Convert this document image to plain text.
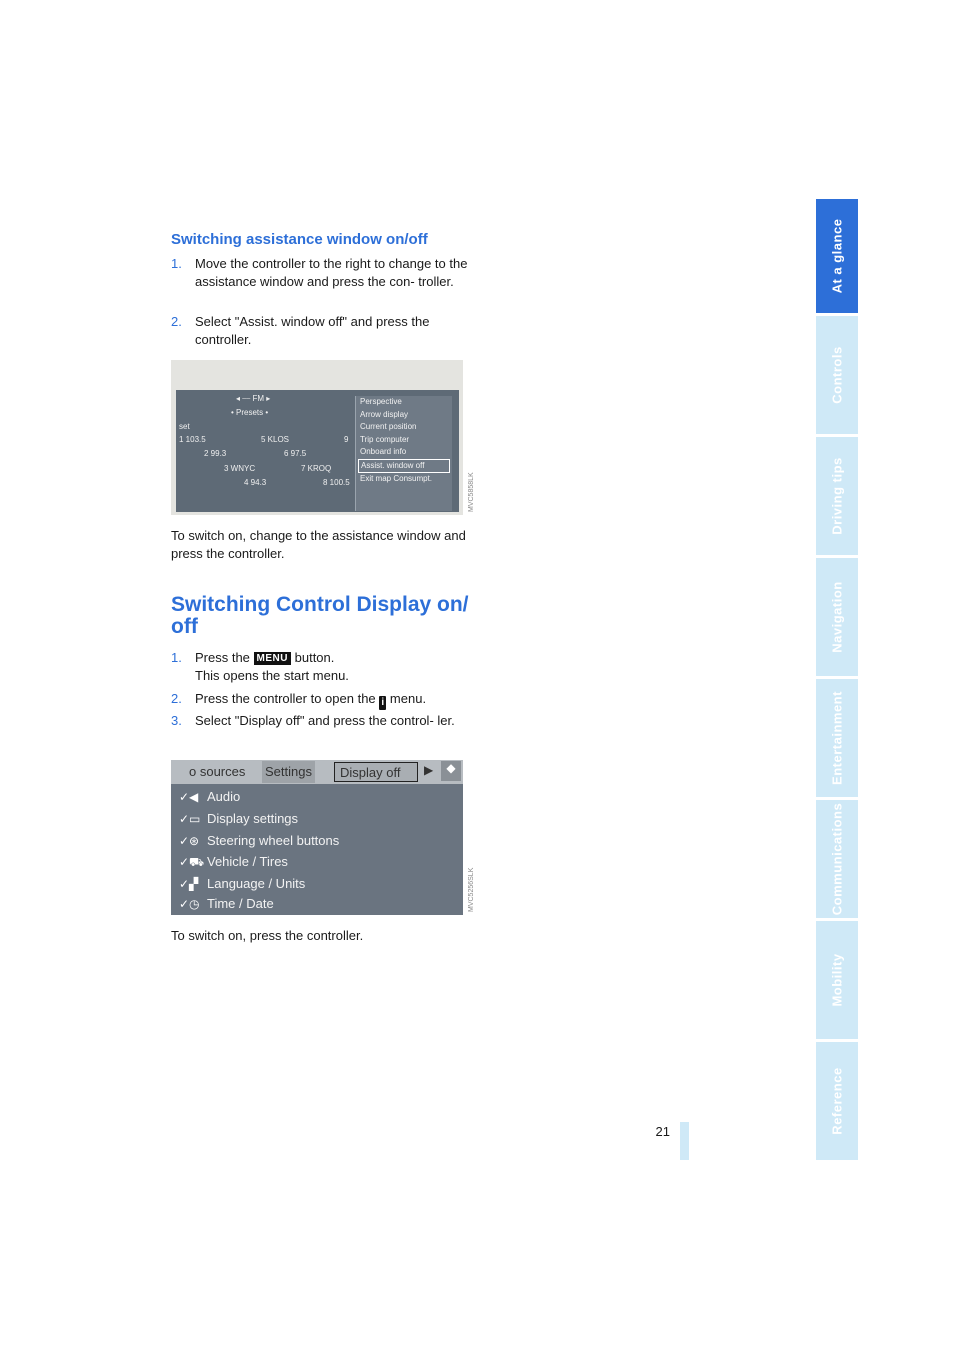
At a glance
Controls
Driving tips
Navigation
Entertainment
Communications
Mobility
Reference
21
Switching assistance window on/off
1. Move the controller to the right to change to the assistance window and press the con- troller.
2. Select "Assist. window off" and press the controller.
◂ ⎯⎯ FM ▸
• Presets •
set
1 103.5	5 KLOS	9
2 99.3	6 97.5
3 WNYC	7 KROQ
4 94.3	8 100.5
Perspective
Arrow display
Current position
Trip computer
Onboard info
Assist. window off
Exit map Consumpt.	MVC5858LK
To switch on, change to the assistance window and press the controller.
Switching Control Display on/ off
1. Press the MENU button.
This opens the start menu.
2. Press the controller to open the i menu.
3. Select "Display off" and press the control- ler.
o sources Settings	Display off	▶	◆
✓◀ Audio
✓▭ Display settings
✓⊛ Steering wheel buttons
✓⛟ Vehicle / Tires
✓▞ Language / Units
✓◷ Time / Date	MVC5256SLK
To switch on, press the controller.
